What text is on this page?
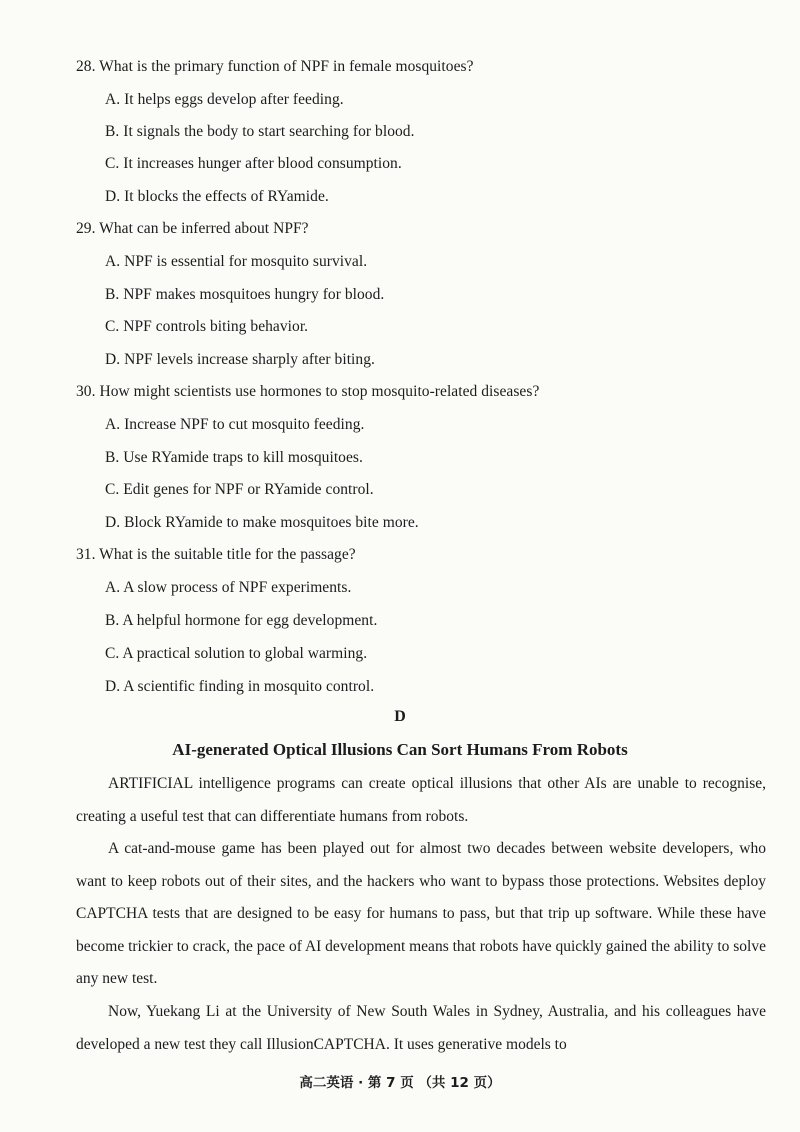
28. What is the primary function of NPF in female mosquitoes?
A. It helps eggs develop after feeding.
B. It signals the body to start searching for blood.
C. It increases hunger after blood consumption.
D. It blocks the effects of RYamide.
29. What can be inferred about NPF?
A. NPF is essential for mosquito survival.
B. NPF makes mosquitoes hungry for blood.
C. NPF controls biting behavior.
D. NPF levels increase sharply after biting.
30. How might scientists use hormones to stop mosquito-related diseases?
A. Increase NPF to cut mosquito feeding.
B. Use RYamide traps to kill mosquitoes.
C. Edit genes for NPF or RYamide control.
D. Block RYamide to make mosquitoes bite more.
31. What is the suitable title for the passage?
A. A slow process of NPF experiments.
B. A helpful hormone for egg development.
C. A practical solution to global warming.
D. A scientific finding in mosquito control.
D
AI-generated Optical Illusions Can Sort Humans From Robots
ARTIFICIAL intelligence programs can create optical illusions that other AIs are unable to recognise, creating a useful test that can differentiate humans from robots.
A cat-and-mouse game has been played out for almost two decades between website developers, who want to keep robots out of their sites, and the hackers who want to bypass those protections. Websites deploy CAPTCHA tests that are designed to be easy for humans to pass, but that trip up software. While these have become trickier to crack, the pace of AI development means that robots have quickly gained the ability to solve any new test.
Now, Yuekang Li at the University of New South Wales in Sydney, Australia, and his colleagues have developed a new test they call IllusionCAPTCHA. It uses generative models to
高二英语 · 第 7 页 （共 12 页）
